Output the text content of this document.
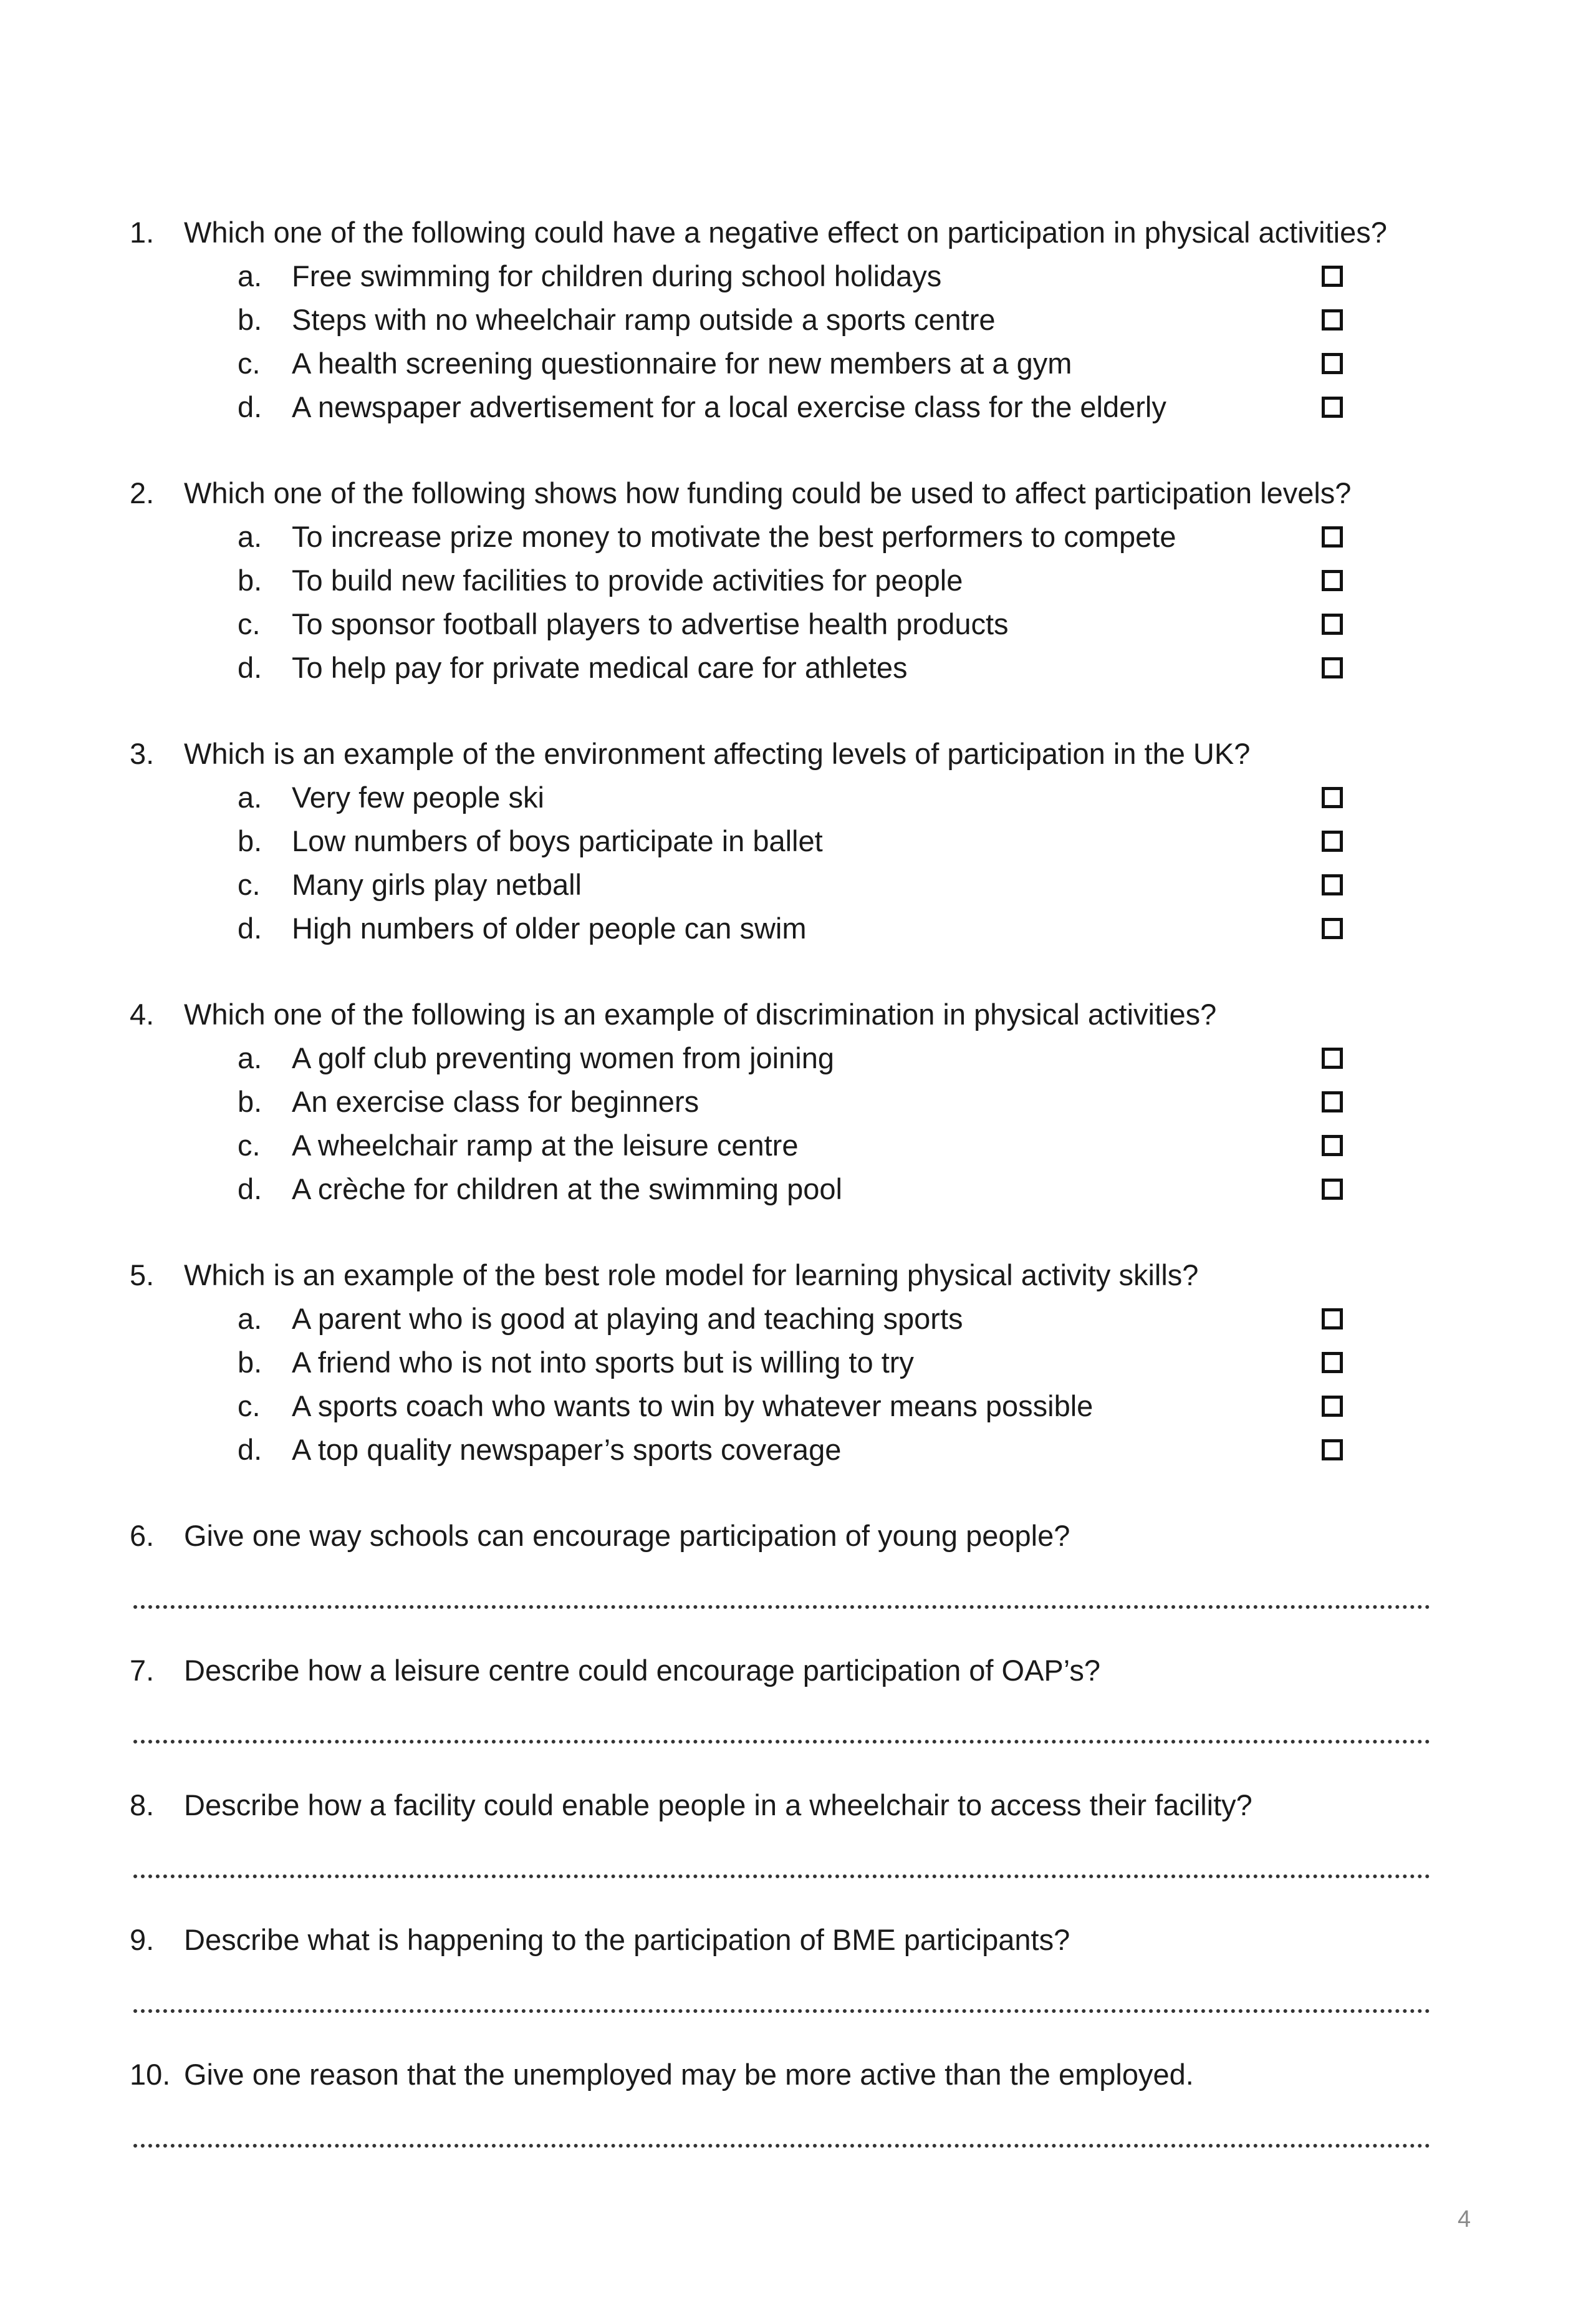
1.	Which one of the following could have a negative effect on participation in physical activities?
a.	Free swimming for children during school holidays
b.	Steps with no wheelchair ramp outside a sports centre
c.	A health screening questionnaire for new members at a gym
d.	A newspaper advertisement for a local exercise class for the elderly
2.	Which one of the following shows how funding could be used to affect participation levels?
a.	To increase prize money to motivate the best performers to compete
b.	To build new facilities to provide activities for people
c.	To sponsor football players to advertise health products
d.	To help pay for private medical care for athletes
3.	Which is an example of the environment affecting levels of participation in the UK?
a.	Very few people ski
b.	Low numbers of boys participate in ballet
c.	Many girls play netball
d.	High numbers of older people can swim
4.	Which one of the following is an example of discrimination in physical activities?
a.	A golf club preventing women from joining
b.	An exercise class for beginners
c.	A wheelchair ramp at the leisure centre
d.	A crèche for children at the swimming pool
5.	Which is an example of the best role model for learning physical activity skills?
a.	A parent who is good at playing and teaching sports
b.	A friend who is not into sports but is willing to try
c.	A sports coach who wants to win by whatever means possible
d.	A top quality newspaper’s sports coverage
6.	Give one way schools can encourage participation of young people?
7.	Describe how a leisure centre could encourage participation of OAP’s?
8.	Describe how a facility could enable people in a wheelchair to access their facility?
9.	Describe what is happening to the participation of BME participants?
10. Give one reason that the unemployed may be more active than the employed.
4
